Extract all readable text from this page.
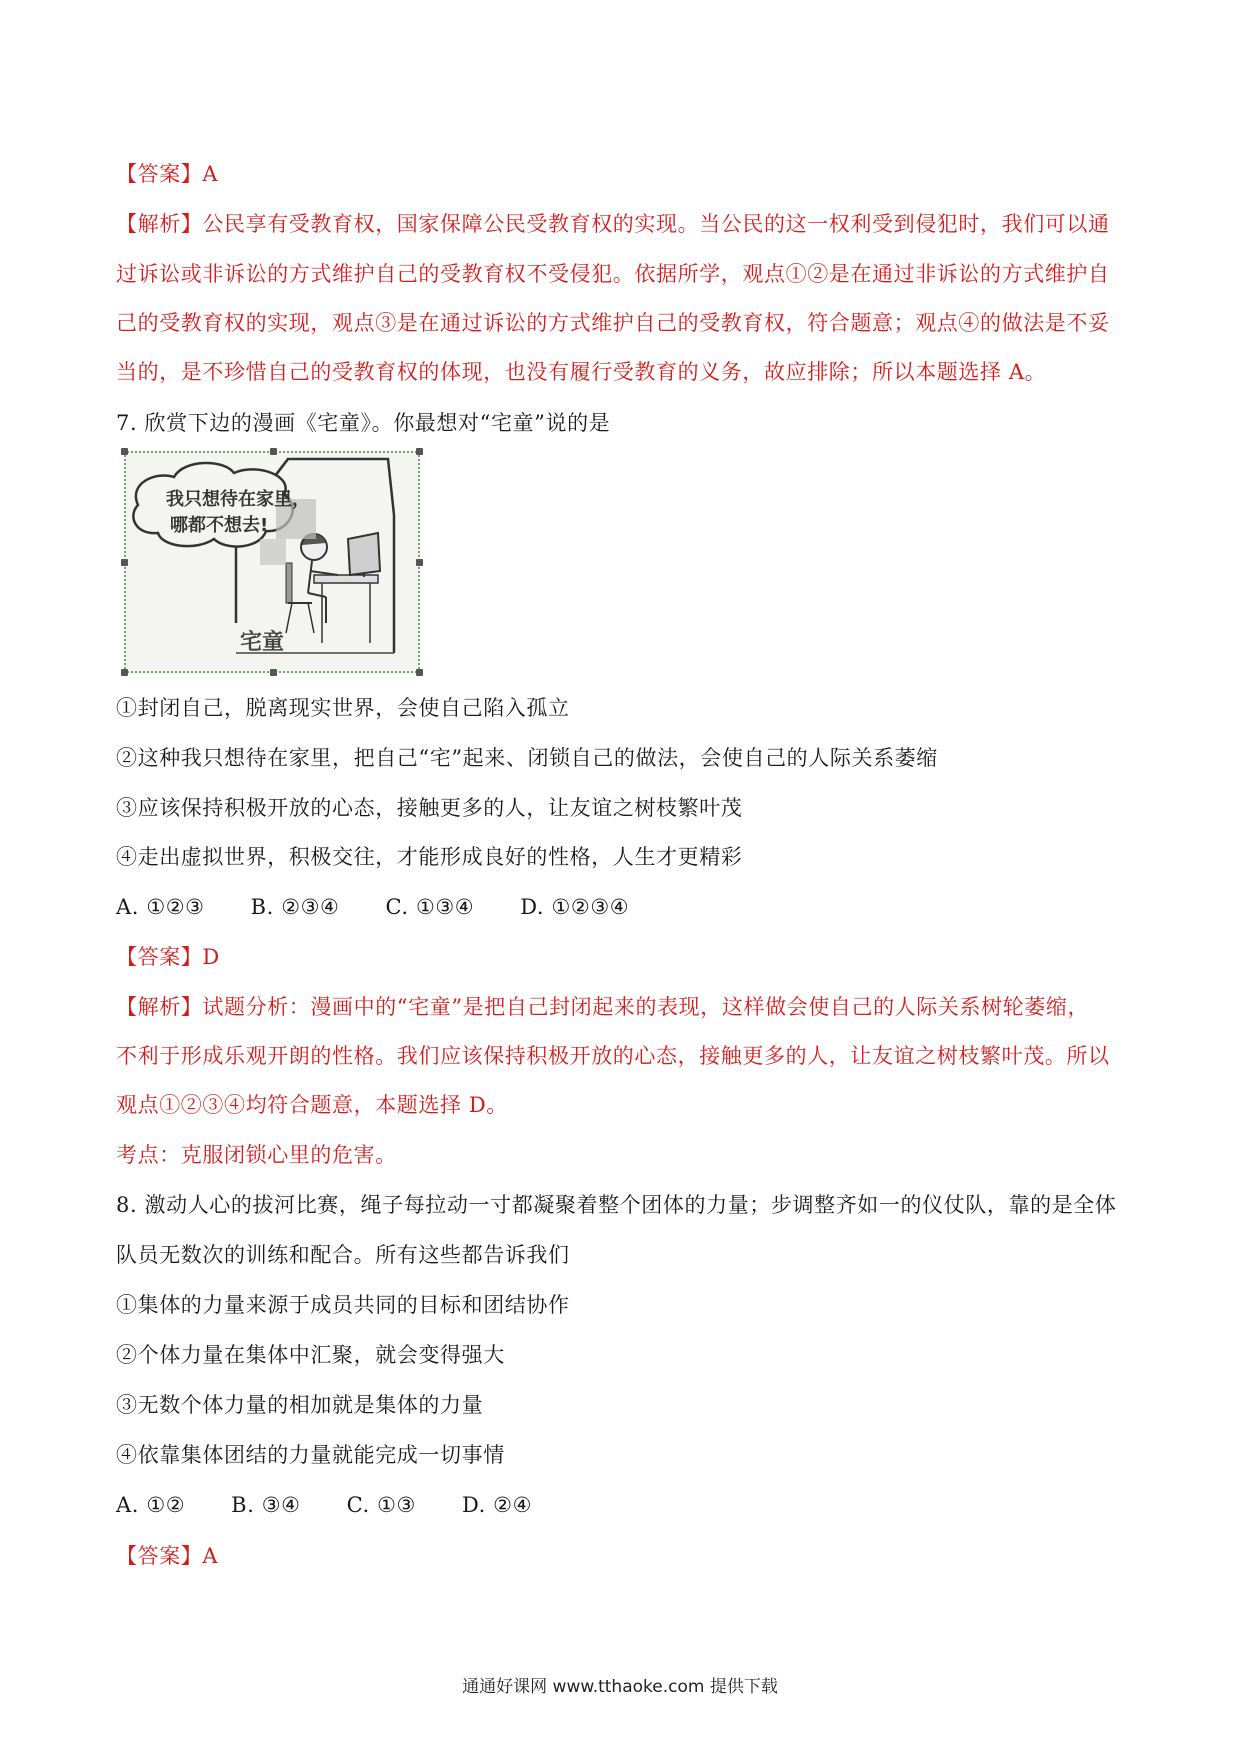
【答案】A
【解析】公民享有受教育权，国家保障公民受教育权的实现。当公民的这一权利受到侵犯时，我们可以通
过诉讼或非诉讼的方式维护自己的受教育权不受侵犯。依据所学，观点①②是在通过非诉讼的方式维护自
己的受教育权的实现，观点③是在通过诉讼的方式维护自己的受教育权，符合题意；观点④的做法是不妥
当的，是不珍惜自己的受教育权的体现，也没有履行受教育的义务，故应排除；所以本题选择 A。
7. 欣赏下边的漫画《宅童》。你最想对“宅童”说的是
我只想待在家里，
哪都不想去!
宅童
①封闭自己，脱离现实世界，会使自己陷入孤立
②这种我只想待在家里，把自己“宅”起来、闭锁自己的做法，会使自己的人际关系萎缩
③应该保持积极开放的心态，接触更多的人，让友谊之树枝繁叶茂
④走出虚拟世界，积极交往，才能形成良好的性格，人生才更精彩
A. ①②③ B. ②③④ C. ①③④ D. ①②③④
【答案】D
【解析】试题分析：漫画中的“宅童”是把自己封闭起来的表现，这样做会使自己的人际关系树轮萎缩，
不利于形成乐观开朗的性格。我们应该保持积极开放的心态，接触更多的人，让友谊之树枝繁叶茂。所以
观点①②③④均符合题意，本题选择 D。
考点：克服闭锁心里的危害。
8. 激动人心的拔河比赛，绳子每拉动一寸都凝聚着整个团体的力量；步调整齐如一的仪仗队，靠的是全体
队员无数次的训练和配合。所有这些都告诉我们
①集体的力量来源于成员共同的目标和团结协作
②个体力量在集体中汇聚，就会变得强大
③无数个体力量的相加就是集体的力量
④依靠集体团结的力量就能完成一切事情
A. ①② B. ③④ C. ①③ D. ②④
【答案】A
通通好课网 www.tthaoke.com 提供下载
